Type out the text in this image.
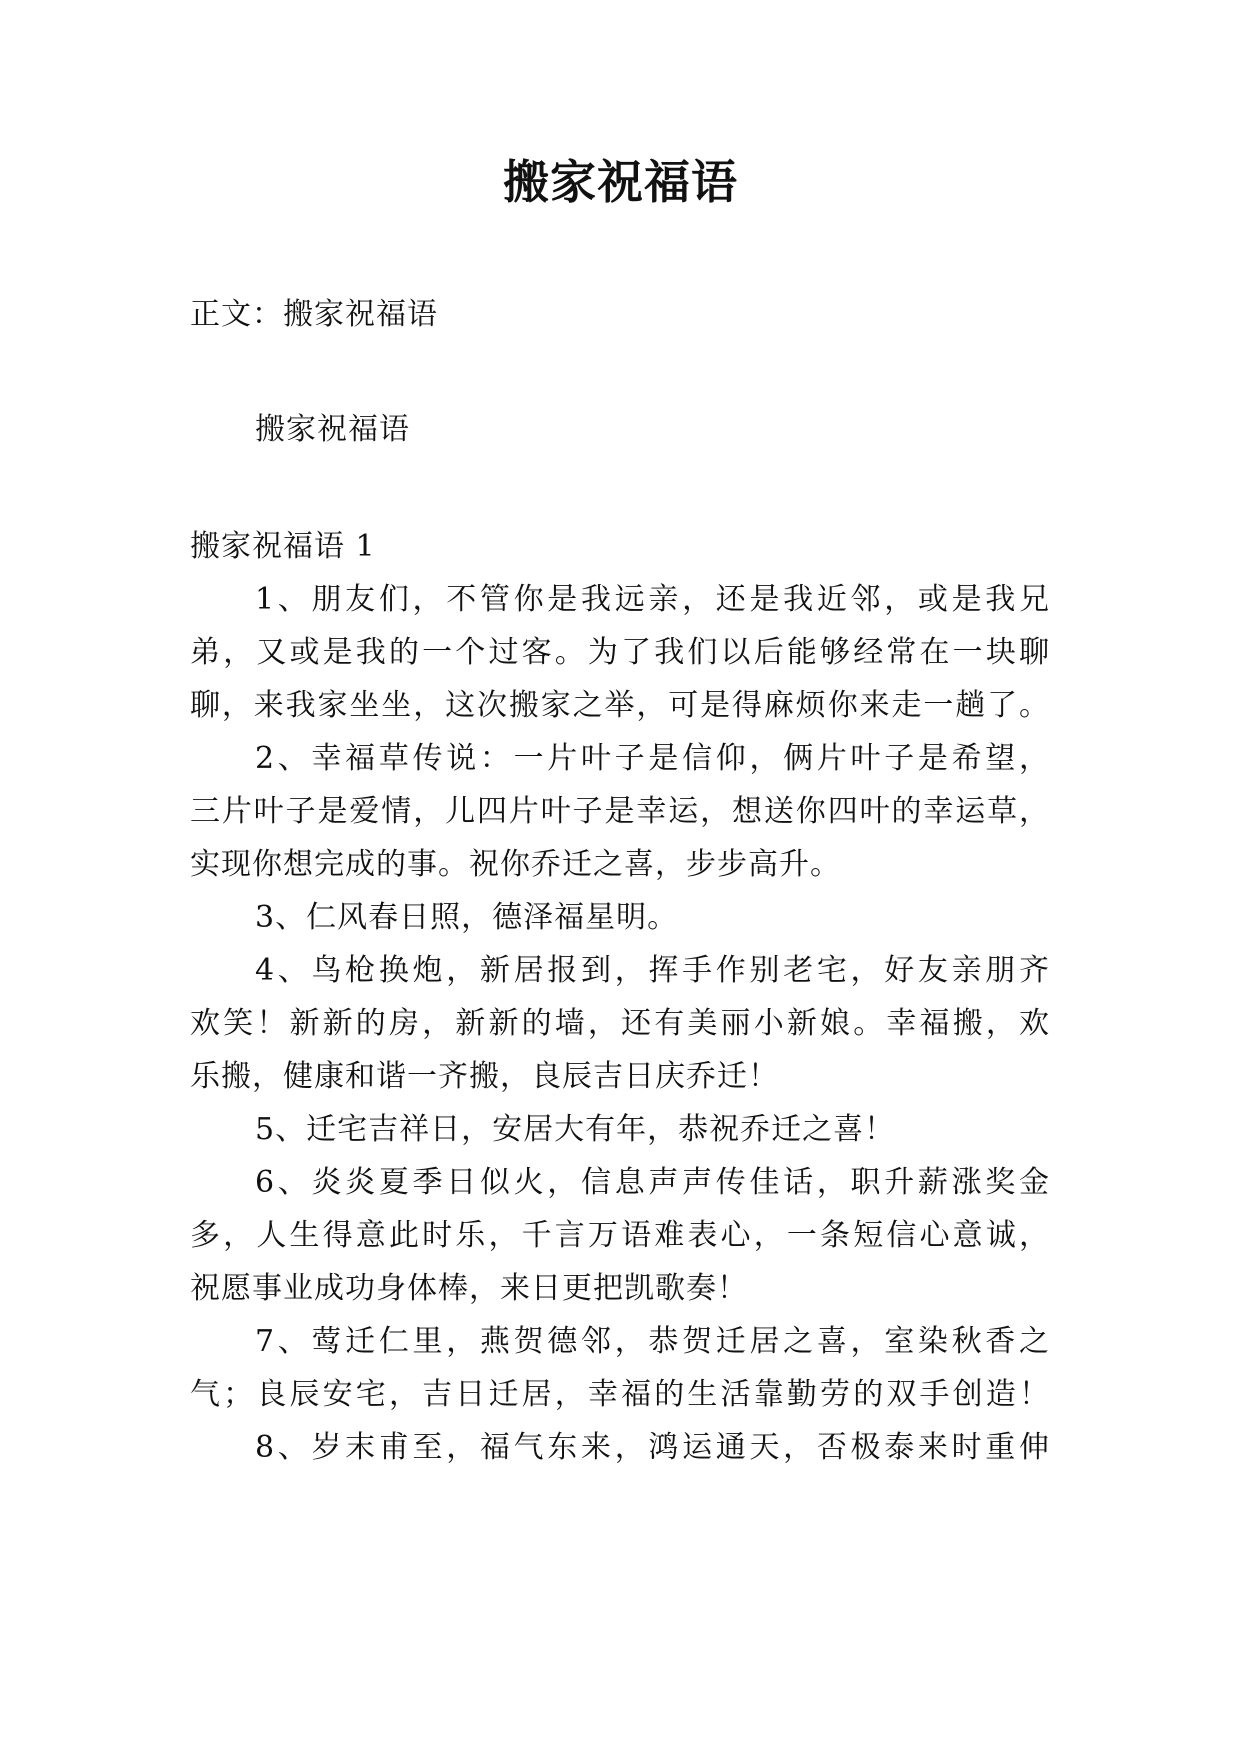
搬家祝福语
正文：搬家祝福语
搬家祝福语
搬家祝福语 1
1、朋友们，不管你是我远亲，还是我近邻，或是我兄
弟，又或是我的一个过客。为了我们以后能够经常在一块聊
聊，来我家坐坐，这次搬家之举，可是得麻烦你来走一趟了。
2、幸福草传说：一片叶子是信仰，俩片叶子是希望，
三片叶子是爱情，儿四片叶子是幸运，想送你四叶的幸运草，
实现你想完成的事。祝你乔迁之喜，步步高升。
3、仁风春日照，德泽福星明。
4、鸟枪换炮，新居报到，挥手作别老宅，好友亲朋齐
欢笑！新新的房，新新的墙，还有美丽小新娘。幸福搬，欢
乐搬，健康和谐一齐搬，良辰吉日庆乔迁！
5、迁宅吉祥日，安居大有年，恭祝乔迁之喜！
6、炎炎夏季日似火，信息声声传佳话，职升薪涨奖金
多，人生得意此时乐，千言万语难表心，一条短信心意诚，
祝愿事业成功身体棒，来日更把凯歌奏！
7、莺迁仁里，燕贺德邻，恭贺迁居之喜，室染秋香之
气；良辰安宅，吉日迁居，幸福的生活靠勤劳的双手创造！
8、岁末甫至，福气东来，鸿运通天，否极泰来时重伸
